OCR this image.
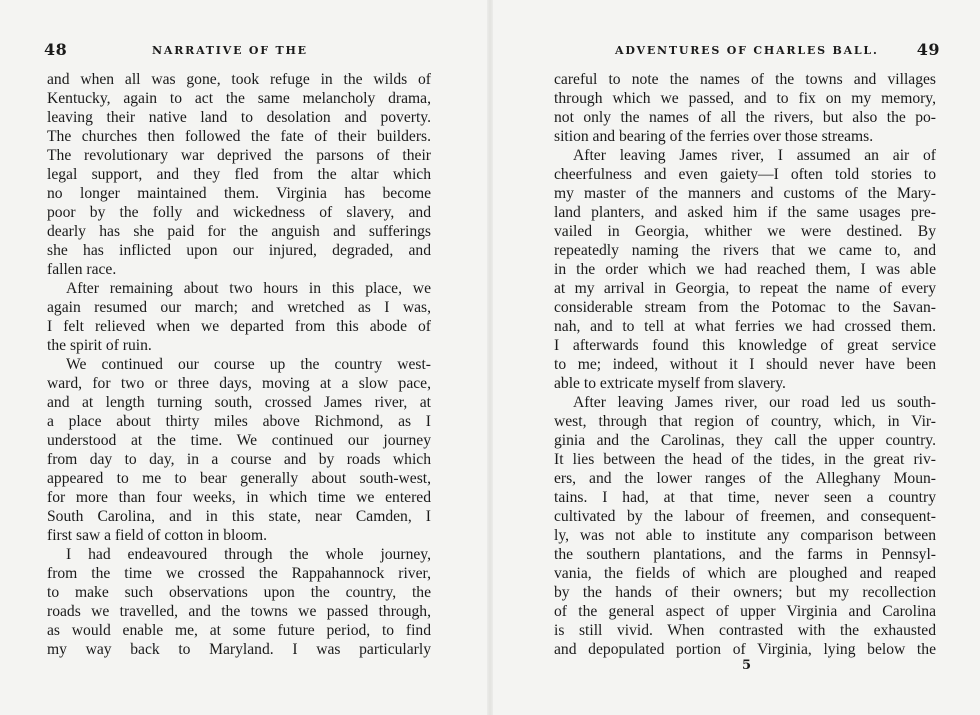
48	NARRATIVE OF THE
and when all was gone, took refuge in the wilds of
Kentucky, again to act the same melancholy drama,
leaving their native land to desolation and poverty.
The churches then followed the fate of their builders.
The revolutionary war deprived the parsons of their
legal support, and they fled from the altar which
no longer maintained them. Virginia has become
poor by the folly and wickedness of slavery, and
dearly has she paid for the anguish and sufferings
she has inflicted upon our injured, degraded, and
fallen race.
After remaining about two hours in this place, we
again resumed our march; and wretched as I was,
I felt relieved when we departed from this abode of
the spirit of ruin.
We continued our course up the country west-
ward, for two or three days, moving at a slow pace,
and at length turning south, crossed James river, at
a place about thirty miles above Richmond, as I
understood at the time. We continued our journey
from day to day, in a course and by roads which
appeared to me to bear generally about south-west,
for more than four weeks, in which time we entered
South Carolina, and in this state, near Camden, I
first saw a field of cotton in bloom.
I had endeavoured through the whole journey,
from the time we crossed the Rappahannock river,
to make such observations upon the country, the
roads we travelled, and the towns we passed through,
as would enable me, at some future period, to find
my way back to Maryland. I was particularly
ADVENTURES OF CHARLES BALL. 49
careful to note the names of the towns and villages
through which we passed, and to fix on my memory,
not only the names of all the rivers, but also the po-
sition and bearing of the ferries over those streams.
After leaving James river, I assumed an air of
cheerfulness and even gaiety—I often told stories to
my master of the manners and customs of the Mary-
land planters, and asked him if the same usages pre-
vailed in Georgia, whither we were destined. By
repeatedly naming the rivers that we came to, and
in the order which we had reached them, I was able
at my arrival in Georgia, to repeat the name of every
considerable stream from the Potomac to the Savan-
nah, and to tell at what ferries we had crossed them.
I afterwards found this knowledge of great service
to me; indeed, without it I should never have been
able to extricate myself from slavery.
After leaving James river, our road led us south-
west, through that region of country, which, in Vir-
ginia and the Carolinas, they call the upper country.
It lies between the head of the tides, in the great riv-
ers, and the lower ranges of the Alleghany Moun-
tains. I had, at that time, never seen a country
cultivated by the labour of freemen, and consequent-
ly, was not able to institute any comparison between
the southern plantations, and the farms in Pennsyl-
vania, the fields of which are ploughed and reaped
by the hands of their owners; but my recollection
of the general aspect of upper Virginia and Carolina
is still vivid. When contrasted with the exhausted
and depopulated portion of Virginia, lying below the
5
